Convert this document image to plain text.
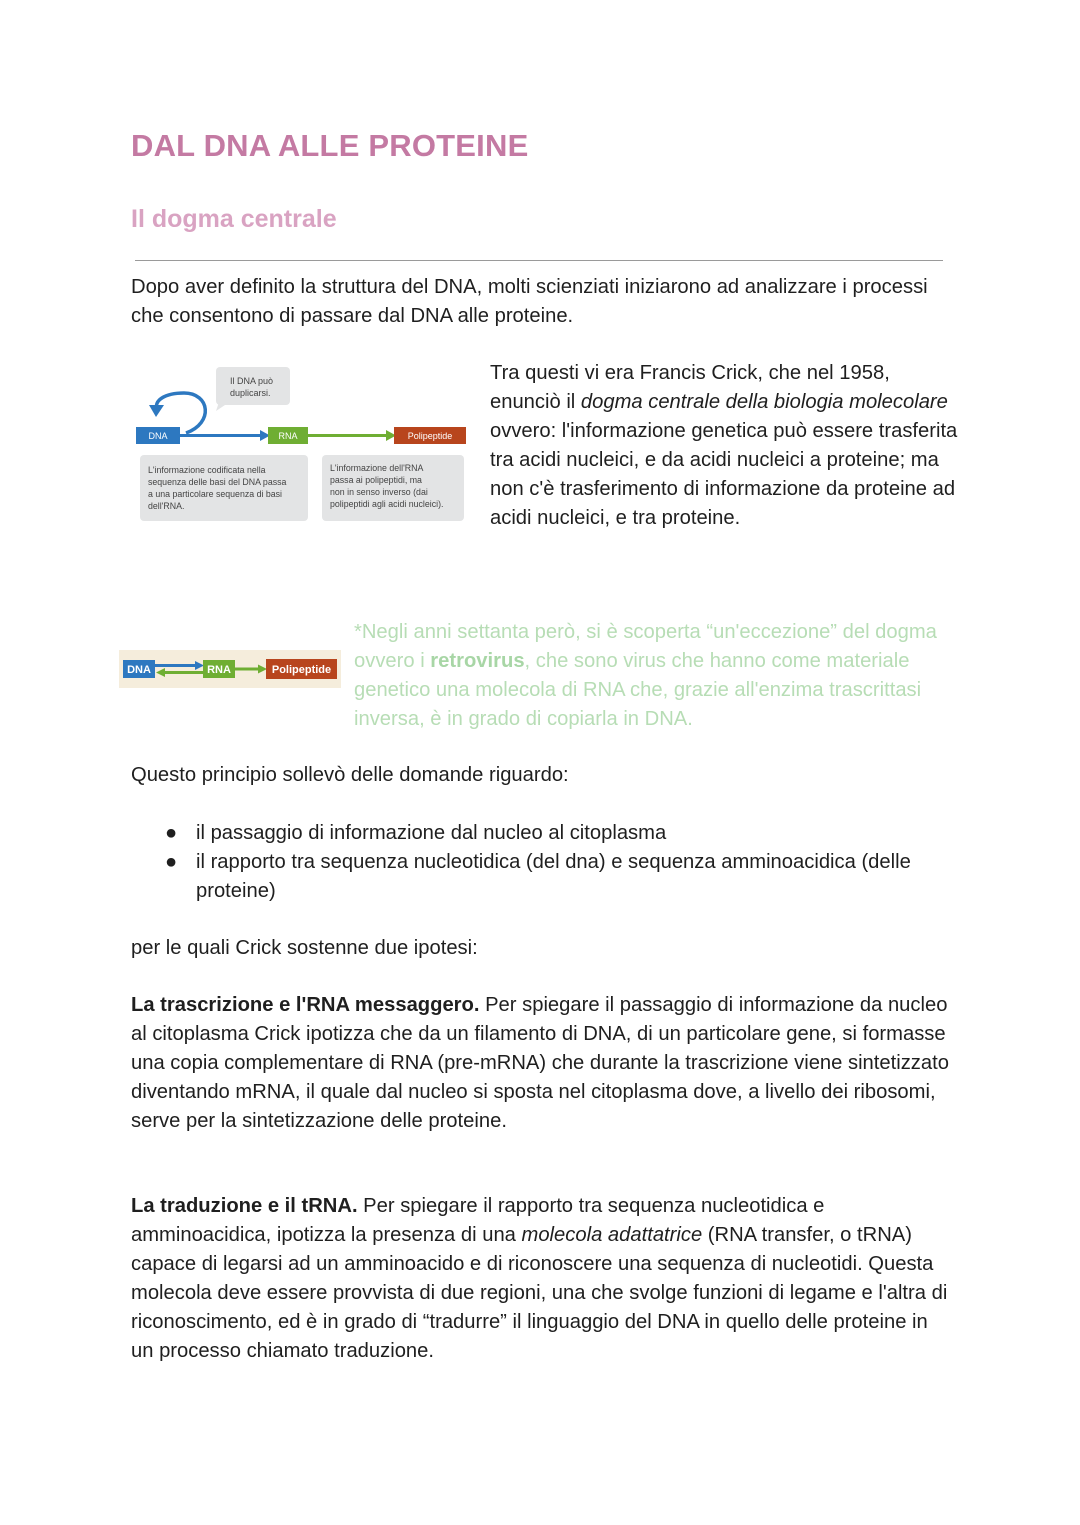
DAL DNA ALLE PROTEINE
Il dogma centrale
Dopo aver definito la struttura del DNA, molti scienziati iniziarono ad analizzare i processi che consentono di passare dal DNA alle proteine.
Il DNA può
duplicarsi.
DNA	RNA	Polipeptide
L'informazione codificata nella
sequenza delle basi del DNA passa
a una particolare sequenza di basi
dell'RNA.
L'informazione dell'RNA
passa ai polipeptidi, ma
non in senso inverso (dai
polipeptidi agli acidi nucleici).
Tra questi vi era Francis Crick, che nel 1958, enunciò il dogma centrale della biologia molecolare ovvero: l'informazione genetica può essere trasferita tra acidi nucleici, e da acidi nucleici a proteine; ma non c'è trasferimento di informazione da proteine ad acidi nucleici, e tra proteine.
DNA	RNA	Polipeptide
*Negli anni settanta però, si è scoperta “un'eccezione” del dogma ovvero i retrovirus, che sono virus che hanno come materiale genetico una molecola di RNA che, grazie all'enzima trascrittasi inversa, è in grado di copiarla in DNA.
Questo principio sollevò delle domande riguardo:
● il passaggio di informazione dal nucleo al citoplasma
● il rapporto tra sequenza nucleotidica (del dna) e sequenza amminoacidica (delle proteine)
per le quali Crick sostenne due ipotesi:
La trascrizione e l'RNA messaggero. Per spiegare il passaggio di informazione da nucleo al citoplasma Crick ipotizza che da un filamento di DNA, di un particolare gene, si formasse una copia complementare di RNA (pre-mRNA) che durante la trascrizione viene sintetizzato diventando mRNA, il quale dal nucleo si sposta nel citoplasma dove, a livello dei ribosomi, serve per la sintetizzazione delle proteine.
La traduzione e il tRNA. Per spiegare il rapporto tra sequenza nucleotidica e amminoacidica, ipotizza la presenza di una molecola adattatrice (RNA transfer, o tRNA) capace di legarsi ad un amminoacido e di riconoscere una sequenza di nucleotidi. Questa molecola deve essere provvista di due regioni, una che svolge funzioni di legame e l'altra di riconoscimento, ed è in grado di “tradurre” il linguaggio del DNA in quello delle proteine in un processo chiamato traduzione.
